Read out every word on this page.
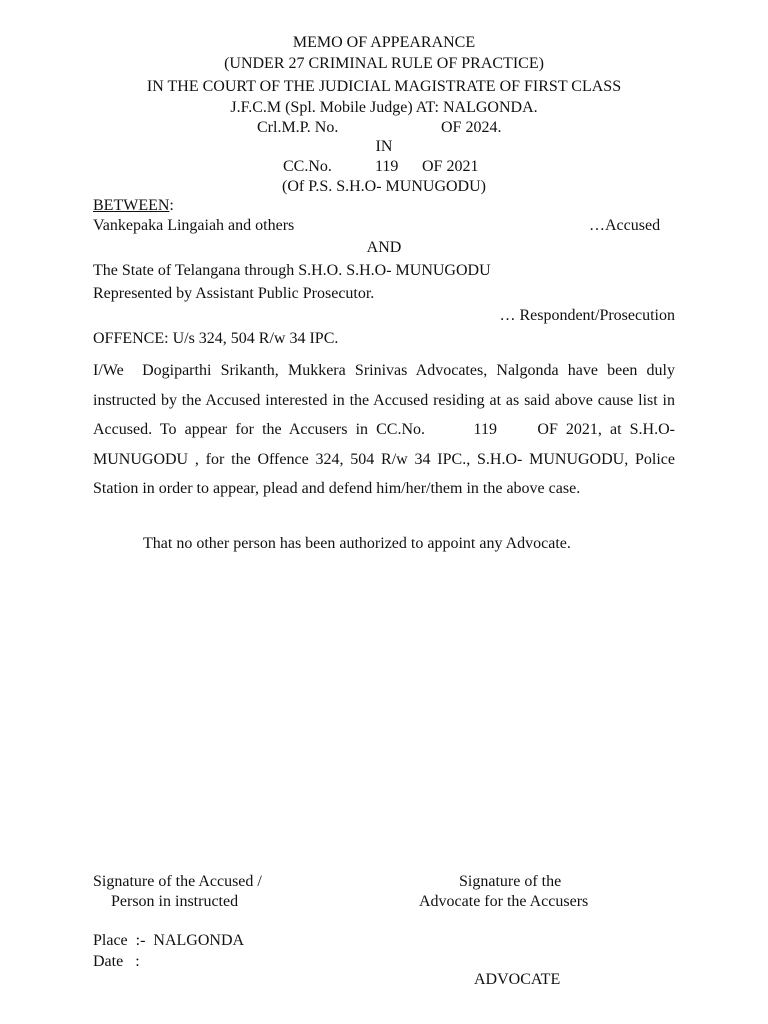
MEMO OF APPEARANCE
(UNDER 27 CRIMINAL RULE OF PRACTICE)
IN THE COURT OF THE JUDICIAL MAGISTRATE OF FIRST CLASS
J.F.C.M (Spl. Mobile Judge) AT: NALGONDA.
Crl.M.P. No.	OF 2024.
IN
CC.No.	119 OF 2021
(Of P.S. S.H.O- MUNUGODU)
BETWEEN:
Vankepaka Lingaiah and others	…Accused
AND
The State of Telangana through S.H.O. S.H.O- MUNUGODU
Represented by Assistant Public Prosecutor.
… Respondent/Prosecution
OFFENCE: U/s 324, 504 R/w 34 IPC.
I/We  Dogiparthi Srikanth, Mukkera Srinivas Advocates, Nalgonda have been duly instructed by the Accused interested in the Accused residing at as said above cause list in Accused. To appear for the Accusers in CC.No.      119     OF 2021, at S.H.O- MUNUGODU , for the Offence 324, 504 R/w 34 IPC., S.H.O- MUNUGODU, Police Station in order to appear, plead and defend him/her/them in the above case.
That no other person has been authorized to appoint any Advocate.
Signature of the Accused /
Person in instructed
Signature of the
Advocate for the Accusers
Place  :-  NALGONDA
Date   :
ADVOCATE
